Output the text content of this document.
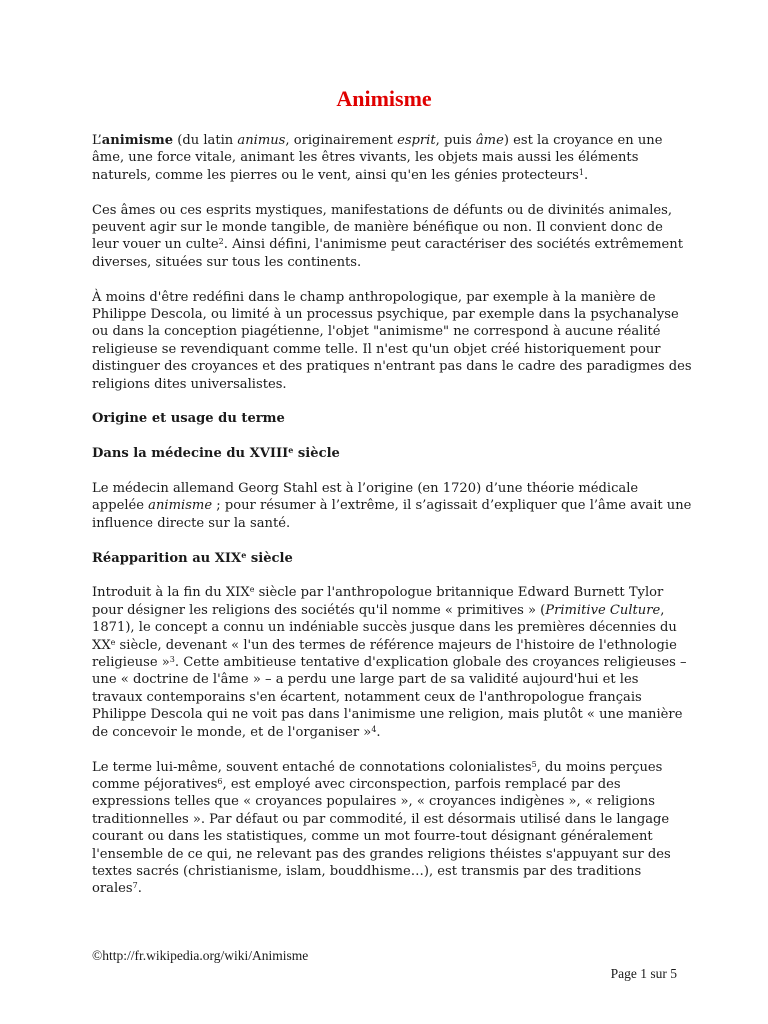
Animisme

L’animisme (du latin animus, originairement esprit, puis âme) est la croyance en une âme, une force vitale, animant les êtres vivants, les objets mais aussi les éléments naturels, comme les pierres ou le vent, ainsi qu'en les génies protecteurs$^1$.

Ces âmes ou ces esprits mystiques, manifestations de défunts ou de divinités animales, peuvent agir sur le monde tangible, de manière bénéfique ou non. Il convient donc de leur vouer un culte$^2$. Ainsi défini, l'animisme peut caractériser des sociétés extrêmement diverses, situées sur tous les continents.

À moins d'être redéfini dans le champ anthropologique, par exemple à la manière de Philippe Descola, ou limité à un processus psychique, par exemple dans la psychanalyse ou dans la conception piagétienne, l'objet "animisme" ne correspond à aucune réalité religieuse se revendiquant comme telle. Il n'est qu'un objet créé historiquement pour distinguer des croyances et des pratiques n'entrant pas dans le cadre des paradigmes des religions dites universalistes.

Origine et usage du terme
Dans la médecine du XVIIIe siècle

Le médecin allemand Georg Stahl est à l’origine (en 1720) d’une théorie médicale appelée animisme ; pour résumer à l’extrême, il s’agissait d’expliquer que l’âme avait une influence directe sur la santé.

Réapparition au XIXe siècle

Introduit à la fin du XIXe siècle par l'anthropologue britannique Edward Burnett Tylor pour désigner les religions des sociétés qu'il nomme « primitives » (Primitive Culture, 1871), le concept a connu un indéniable succès jusque dans les premières décennies du XXe siècle, devenant « l'un des termes de référence majeurs de l'histoire de l'ethnologie religieuse »$^3$. Cette ambitieuse tentative d'explication globale des croyances religieuses – une « doctrine de l'âme » – a perdu une large part de sa validité aujourd'hui et les travaux contemporains s'en écartent, notamment ceux de l'anthropologue français Philippe Descola qui ne voit pas dans l'animisme une religion, mais plutôt « une manière de concevoir le monde, et de l'organiser »$^4$.

Le terme lui-même, souvent entaché de connotations colonialistes$^5$, du moins perçues comme péjoratives$^6$, est employé avec circonspection, parfois remplacé par des expressions telles que « croyances populaires », « croyances indigènes », « religions traditionnelles ». Par défaut ou par commodité, il est désormais utilisé dans le langage courant ou dans les statistiques, comme un mot fourre-tout désignant généralement l'ensemble de ce qui, ne relevant pas des grandes religions théistes s'appuyant sur des textes sacrés (christianisme, islam, bouddhisme…), est transmis par des traditions orales$^7$.

©http://fr.wikipedia.org/wiki/Animisme
Page 1 sur 5
